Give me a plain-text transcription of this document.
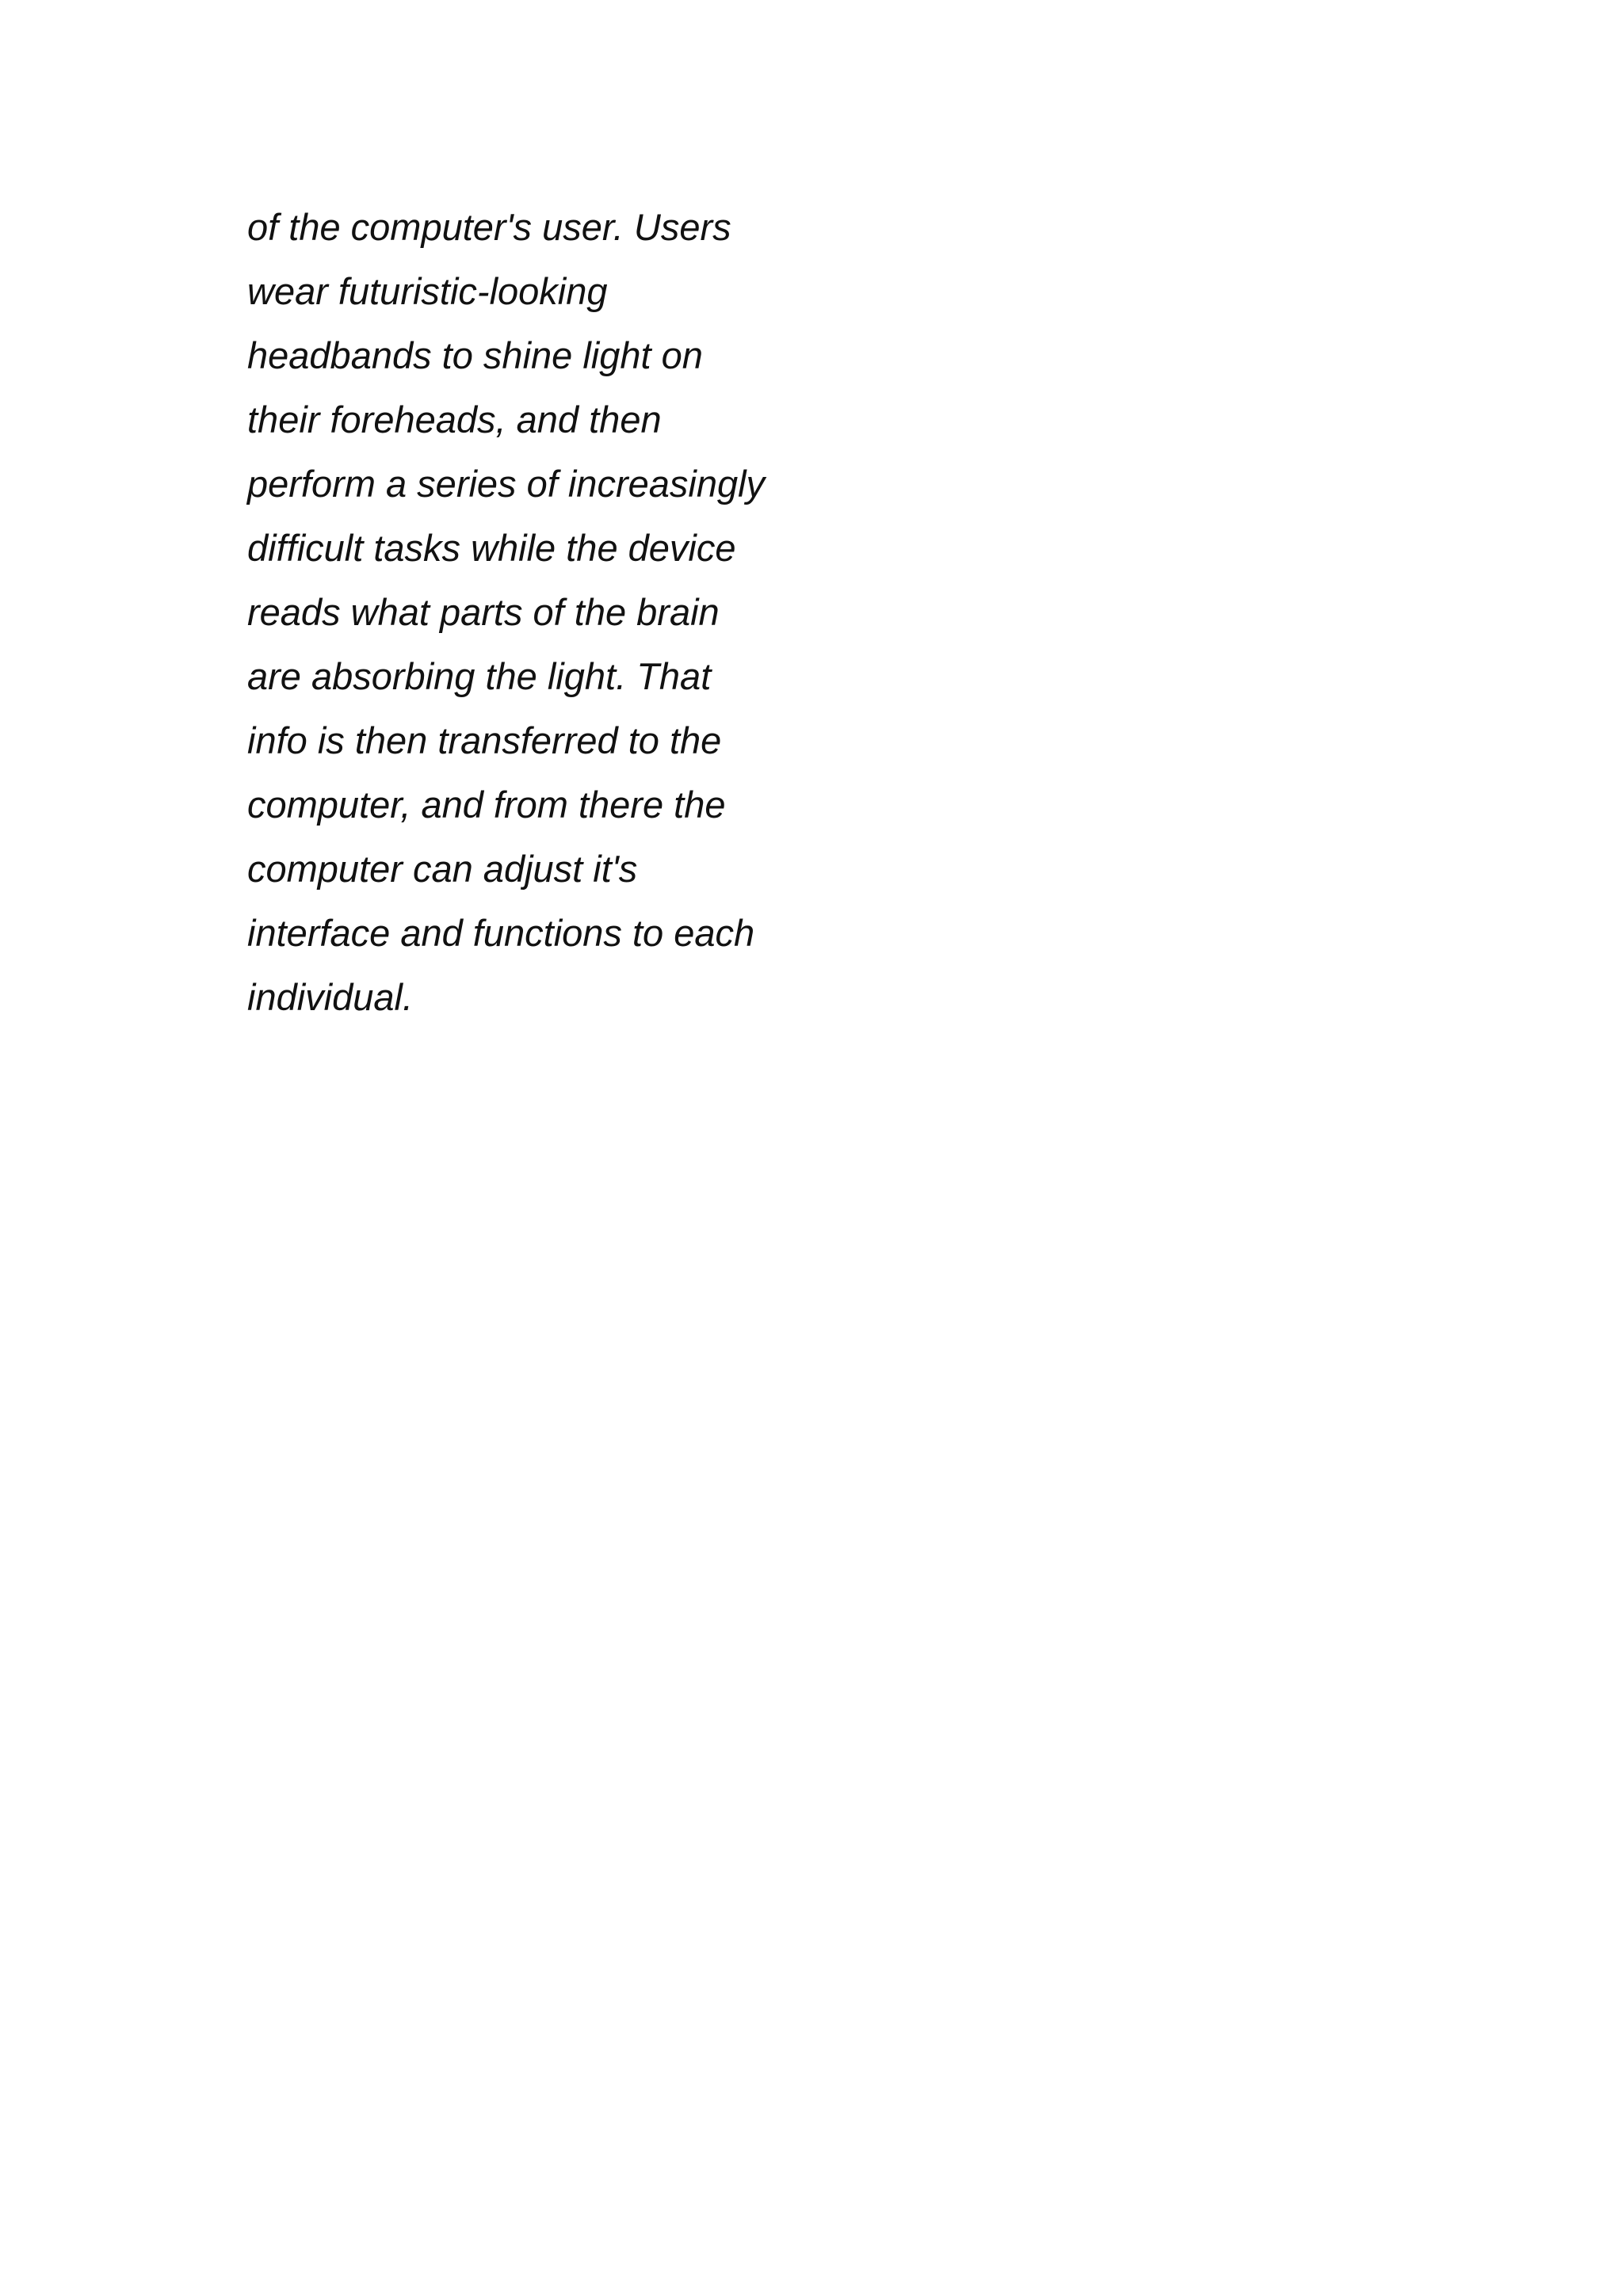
of the computer's user. Users
wear futuristic-looking
headbands to shine light on
their foreheads, and then
perform a series of increasingly
difficult tasks while the device
reads what parts of the brain
are absorbing the light. That
info is then transferred to the
computer, and from there the
computer can adjust it's
interface and functions to each
individual.
